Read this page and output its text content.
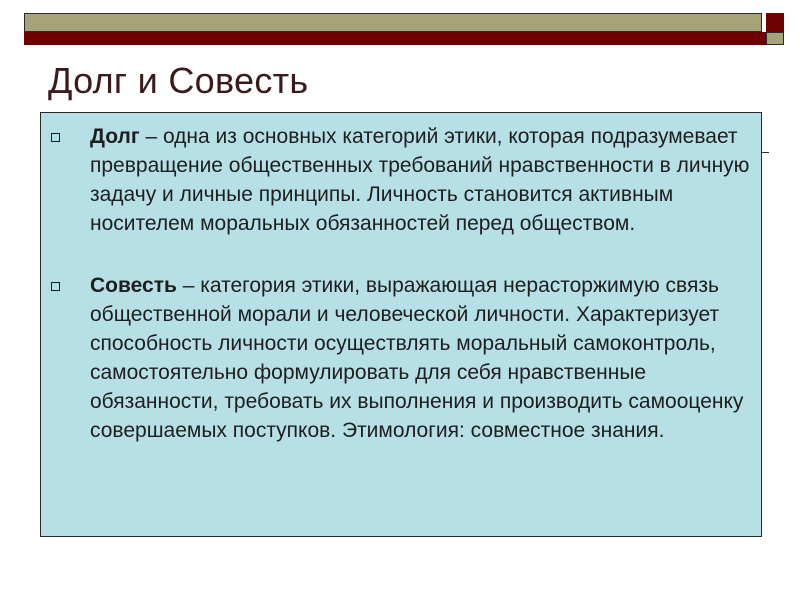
Долг и Совесть

Долг – одна из основных категорий этики, которая подразумевает превращение общественных требований нравственности в личную задачу и личные принципы. Личность становится активным носителем моральных обязанностей перед обществом.

Совесть – категория этики, выражающая нерасторжимую связь общественной морали и человеческой личности. Характеризует способность личности осуществлять моральный самоконтроль, самостоятельно формулировать для себя нравственные обязанности, требовать их выполнения и производить самооценку совершаемых поступков. Этимология: совместное знания.
